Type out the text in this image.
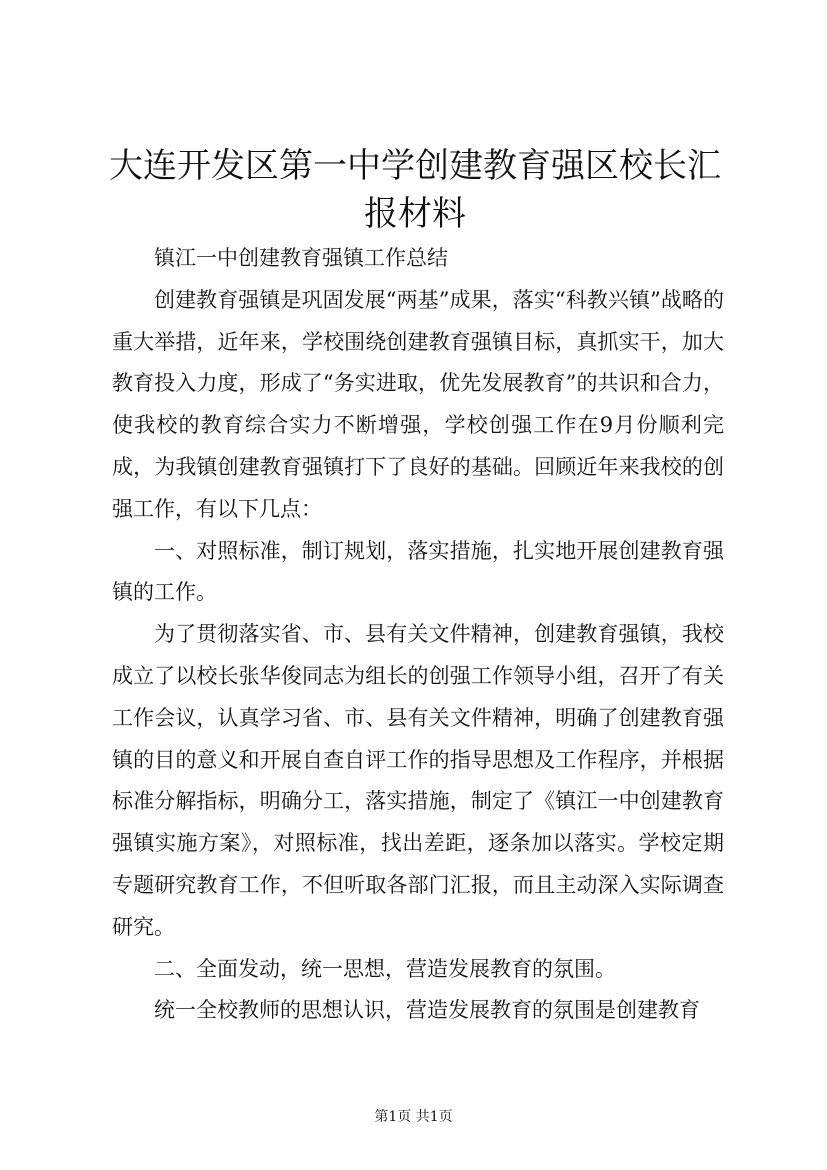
大连开发区第一中学创建教育强区校长汇报材料

镇江一中创建教育强镇工作总结

创建教育强镇是巩固发展“两基”成果，落实“科教兴镇”战略的重大举措，近年来，学校围绕创建教育强镇目标，真抓实干，加大教育投入力度，形成了“务实进取，优先发展教育”的共识和合力，使我校的教育综合实力不断增强，学校创强工作在9月份顺利完成，为我镇创建教育强镇打下了良好的基础。回顾近年来我校的创强工作，有以下几点：

一、对照标准，制订规划，落实措施，扎实地开展创建教育强镇的工作。

为了贯彻落实省、市、县有关文件精神，创建教育强镇，我校成立了以校长张华俊同志为组长的创强工作领导小组，召开了有关工作会议，认真学习省、市、县有关文件精神，明确了创建教育强镇的目的意义和开展自查自评工作的指导思想及工作程序，并根据标准分解指标，明确分工，落实措施，制定了《镇江一中创建教育强镇实施方案》，对照标准，找出差距，逐条加以落实。学校定期专题研究教育工作，不但听取各部门汇报，而且主动深入实际调查研究。

二、全面发动，统一思想，营造发展教育的氛围。

统一全校教师的思想认识，营造发展教育的氛围是创建教育

第1页 共1页
